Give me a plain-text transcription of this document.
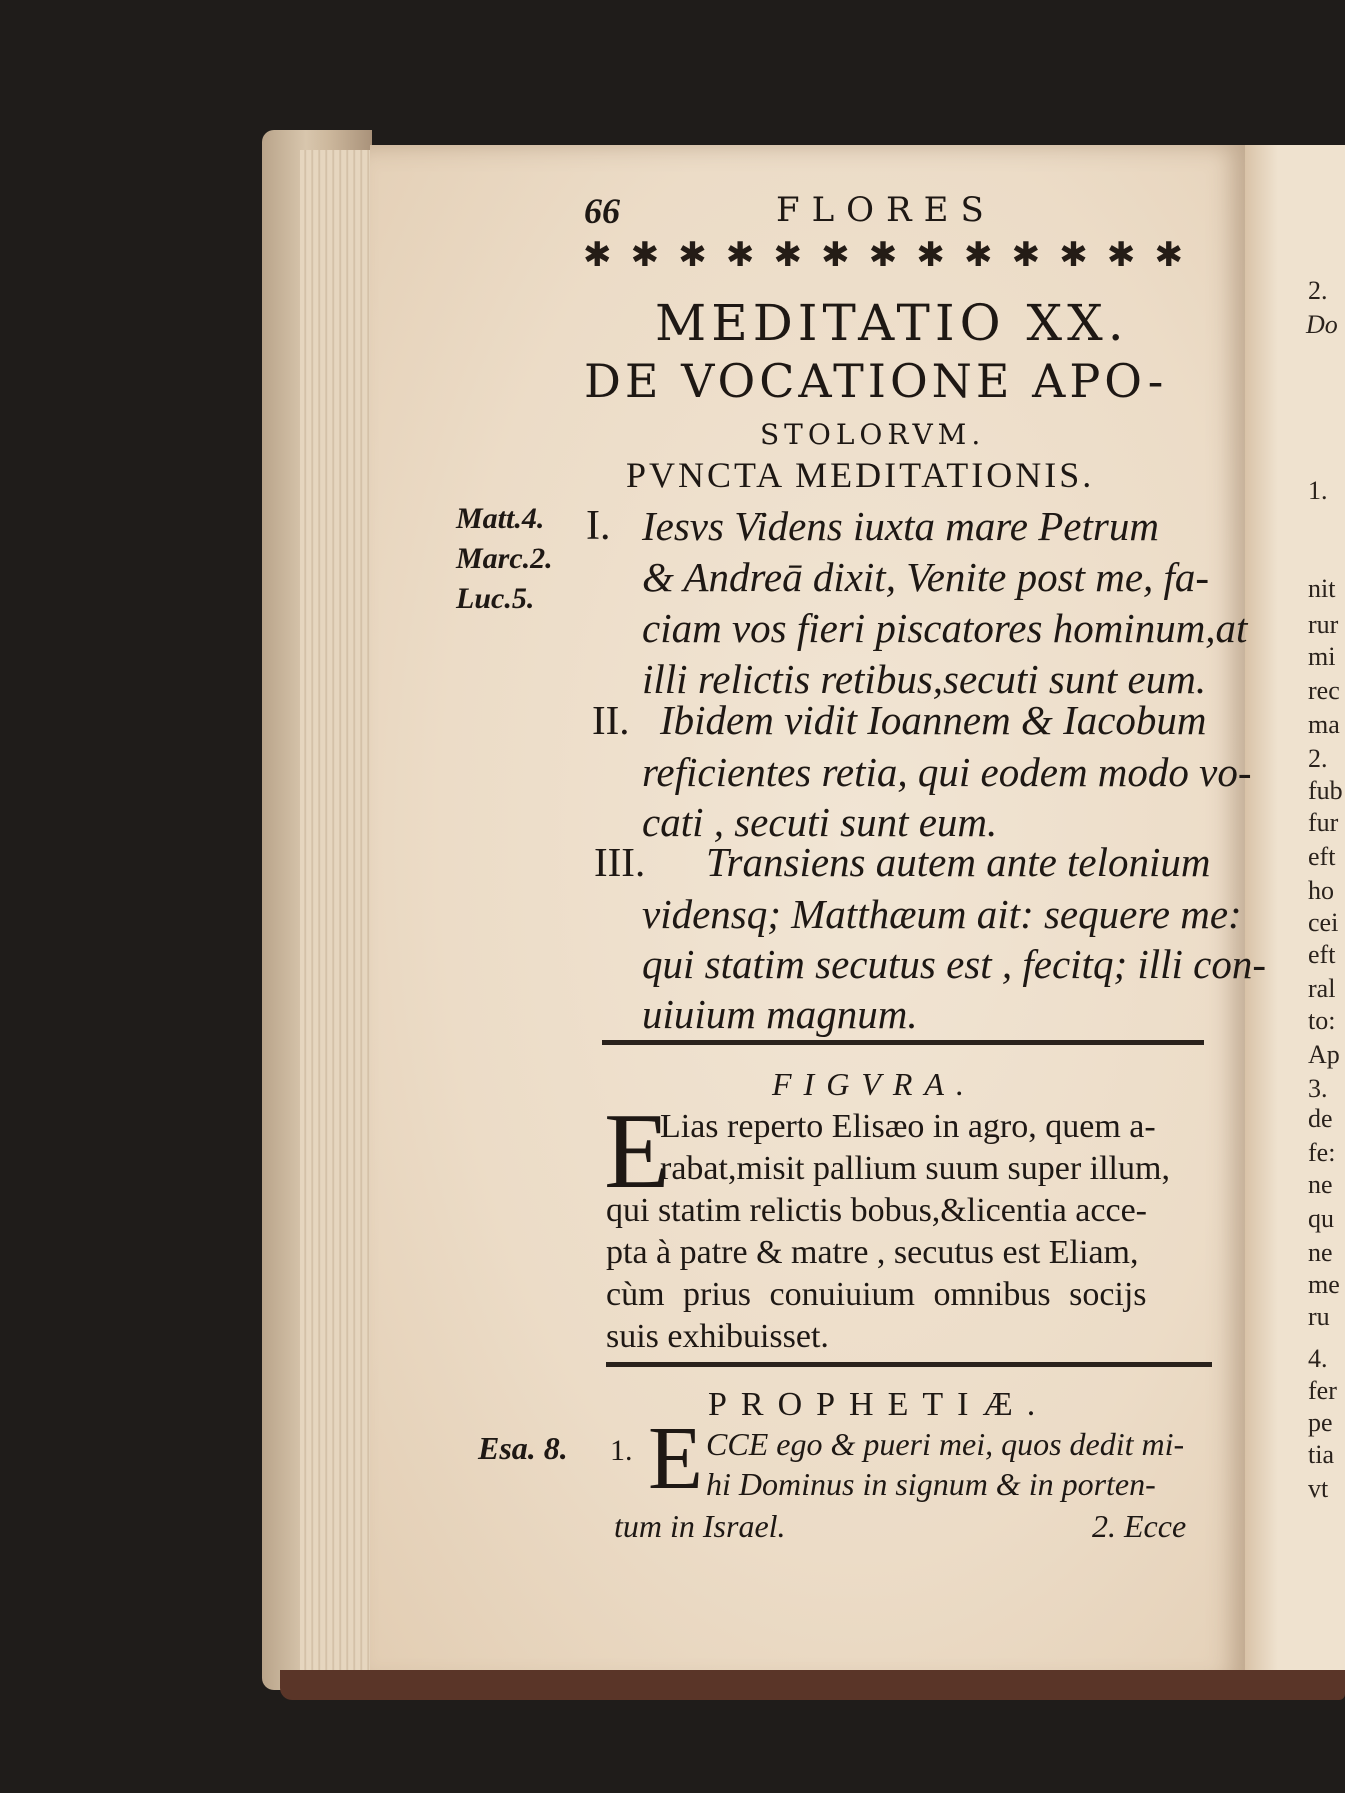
66	FLORES
✱ ✱ ✱ ✱ ✱ ✱ ✱ ✱ ✱ ✱ ✱ ✱ ✱
MEDITATIO XX.
DE VOCATIONE APO-
STOLORVM.
PVNCTA MEDITATIONIS.
Matt.4.
Marc.2.
Luc.5.
I. Iesvs Videns iuxta mare Petrum
& Andreā dixit, Venite post me, fa-
ciam vos fieri piscatores hominum,at
illi relictis retibus,secuti sunt eum.
II. Ibidem vidit Ioannem & Iacobum
reficientes retia, qui eodem modo vo-
cati , secuti sunt eum.
III. Transiens autem ante telonium
vidensq; Matthæum ait: sequere me:
qui statim secutus est , fecitq; illi con-
uiuium magnum.
FIGVRA.
E
Lias reperto Elisæo in agro, quem a-
rabat,misit pallium suum super illum,
qui statim relictis bobus,&licentia acce-
pta à patre & matre , secutus est Eliam,
cùm prius conuiuium omnibus socijs
suis exhibuisset.
PROPHETIÆ.
Esa. 8. 1. E CCE ego & pueri mei, quos dedit mi-
hi Dominus in signum & in porten-
tum in Israel.	2. Ecce
2.
Do
1.
nit
rur
mi
rec
ma
2.
fub
fur
eft
ho
cei
eft
ral
to:
Ap
3.
de
fe:
ne
qu
ne
me
ru
4.
fer
pe
tia
vt
